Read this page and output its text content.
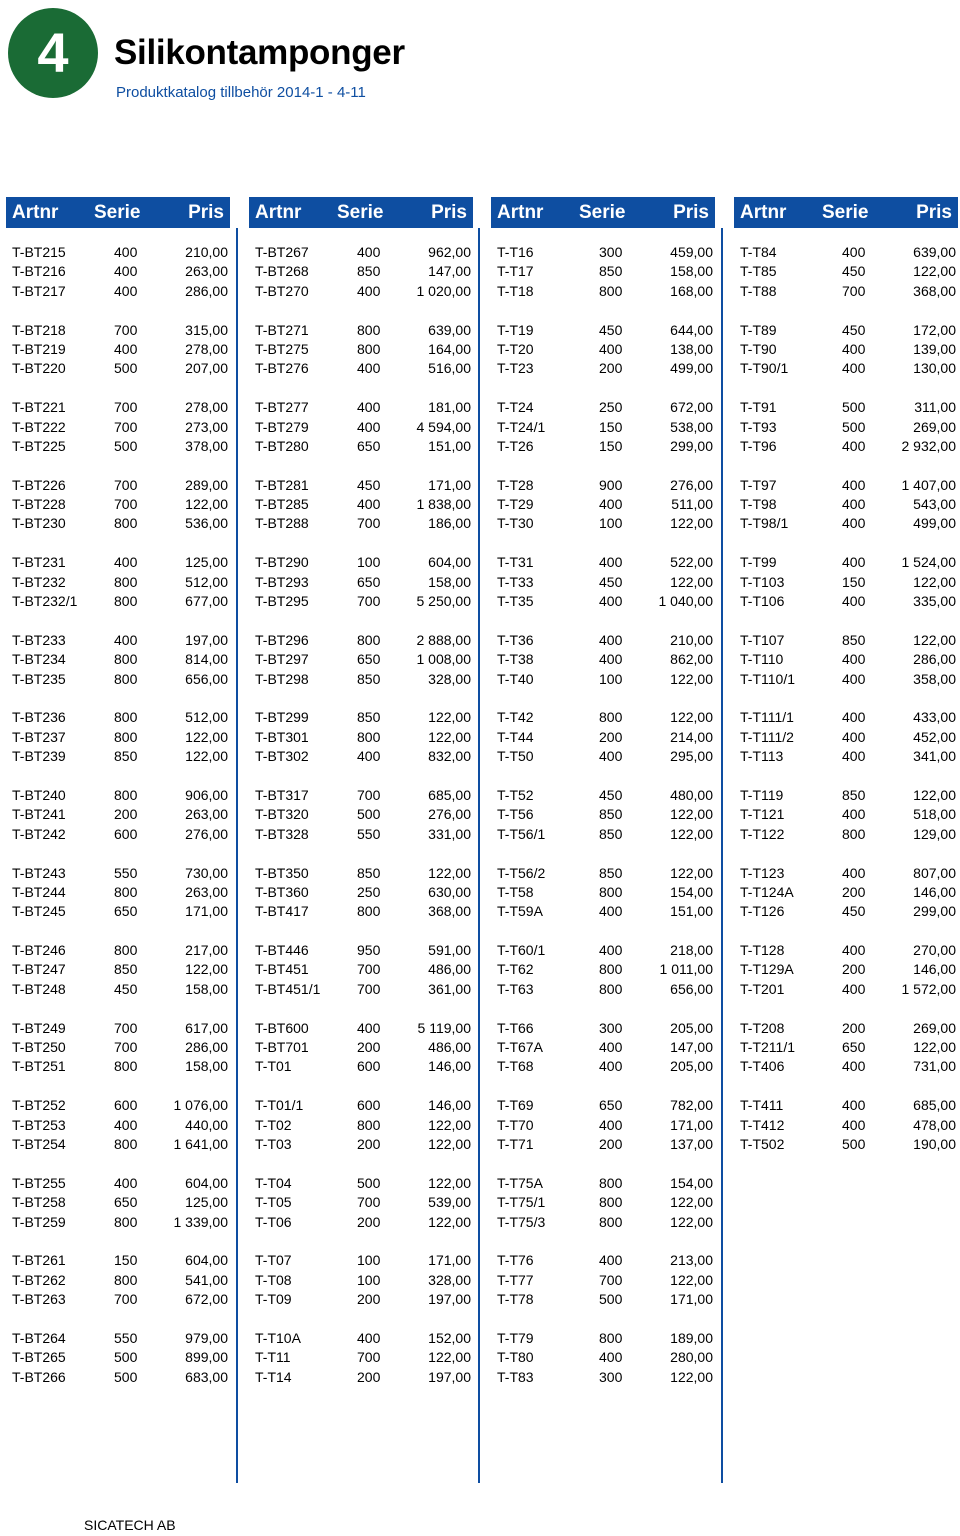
4	Silikontamponger
Produktkatalog tillbehör 2014-1 - 4-11
Artnr Serie	Pris
T-BT215	400	210,00
T-BT216	400	263,00
T-BT217	400	286,00
T-BT218	700	315,00
T-BT219	400	278,00
T-BT220	500	207,00
T-BT221	700	278,00
T-BT222	700	273,00
T-BT225	500	378,00
T-BT226	700	289,00
T-BT228	700	122,00
T-BT230	800	536,00
T-BT231	400	125,00
T-BT232	800	512,00
T-BT232/1	800	677,00
T-BT233	400	197,00
T-BT234	800	814,00
T-BT235	800	656,00
T-BT236	800	512,00
T-BT237	800	122,00
T-BT239	850	122,00
T-BT240	800	906,00
T-BT241	200	263,00
T-BT242	600	276,00
T-BT243	550	730,00
T-BT244	800	263,00
T-BT245	650	171,00
T-BT246	800	217,00
T-BT247	850	122,00
T-BT248	450	158,00
T-BT249	700	617,00
T-BT250	700	286,00
T-BT251	800	158,00
T-BT252	600	1 076,00
T-BT253	400	440,00
T-BT254	800	1 641,00
T-BT255	400	604,00
T-BT258	650	125,00
T-BT259	800	1 339,00
T-BT261	150	604,00
T-BT262	800	541,00
T-BT263	700	672,00
T-BT264	550	979,00
T-BT265	500	899,00
T-BT266	500	683,00
Artnr Serie	Pris
T-BT267	400	962,00
T-BT268	850	147,00
T-BT270	400	1 020,00
T-BT271	800	639,00
T-BT275	800	164,00
T-BT276	400	516,00
T-BT277	400	181,00
T-BT279	400	4 594,00
T-BT280	650	151,00
T-BT281	450	171,00
T-BT285	400	1 838,00
T-BT288	700	186,00
T-BT290	100	604,00
T-BT293	650	158,00
T-BT295	700	5 250,00
T-BT296	800	2 888,00
T-BT297	650	1 008,00
T-BT298	850	328,00
T-BT299	850	122,00
T-BT301	800	122,00
T-BT302	400	832,00
T-BT317	700	685,00
T-BT320	500	276,00
T-BT328	550	331,00
T-BT350	850	122,00
T-BT360	250	630,00
T-BT417	800	368,00
T-BT446	950	591,00
T-BT451	700	486,00
T-BT451/1	700	361,00
T-BT600	400	5 119,00
T-BT701	200	486,00
T-T01	600	146,00
T-T01/1	600	146,00
T-T02	800	122,00
T-T03	200	122,00
T-T04	500	122,00
T-T05	700	539,00
T-T06	200	122,00
T-T07	100	171,00
T-T08	100	328,00
T-T09	200	197,00
T-T10A	400	152,00
T-T11	700	122,00
T-T14	200	197,00
Artnr Serie	Pris
T-T16	300	459,00
T-T17	850	158,00
T-T18	800	168,00
T-T19	450	644,00
T-T20	400	138,00
T-T23	200	499,00
T-T24	250	672,00
T-T24/1	150	538,00
T-T26	150	299,00
T-T28	900	276,00
T-T29	400	511,00
T-T30	100	122,00
T-T31	400	522,00
T-T33	450	122,00
T-T35	400	1 040,00
T-T36	400	210,00
T-T38	400	862,00
T-T40	100	122,00
T-T42	800	122,00
T-T44	200	214,00
T-T50	400	295,00
T-T52	450	480,00
T-T56	850	122,00
T-T56/1	850	122,00
T-T56/2	850	122,00
T-T58	800	154,00
T-T59A	400	151,00
T-T60/1	400	218,00
T-T62	800	1 011,00
T-T63	800	656,00
T-T66	300	205,00
T-T67A	400	147,00
T-T68	400	205,00
T-T69	650	782,00
T-T70	400	171,00
T-T71	200	137,00
T-T75A	800	154,00
T-T75/1	800	122,00
T-T75/3	800	122,00
T-T76	400	213,00
T-T77	700	122,00
T-T78	500	171,00
T-T79	800	189,00
T-T80	400	280,00
T-T83	300	122,00
Artnr Serie	Pris
T-T84	400	639,00
T-T85	450	122,00
T-T88	700	368,00
T-T89	450	172,00
T-T90	400	139,00
T-T90/1	400	130,00
T-T91	500	311,00
T-T93	500	269,00
T-T96	400	2 932,00
T-T97	400	1 407,00
T-T98	400	543,00
T-T98/1	400	499,00
T-T99	400	1 524,00
T-T103	150	122,00
T-T106	400	335,00
T-T107	850	122,00
T-T110	400	286,00
T-T110/1	400	358,00
T-T111/1	400	433,00
T-T111/2	400	452,00
T-T113	400	341,00
T-T119	850	122,00
T-T121	400	518,00
T-T122	800	129,00
T-T123	400	807,00
T-T124A	200	146,00
T-T126	450	299,00
T-T128	400	270,00
T-T129A	200	146,00
T-T201	400	1 572,00
T-T208	200	269,00
T-T211/1	650	122,00
T-T406	400	731,00
T-T411	400	685,00
T-T412	400	478,00
T-T502	500	190,00
SICATECH AB
